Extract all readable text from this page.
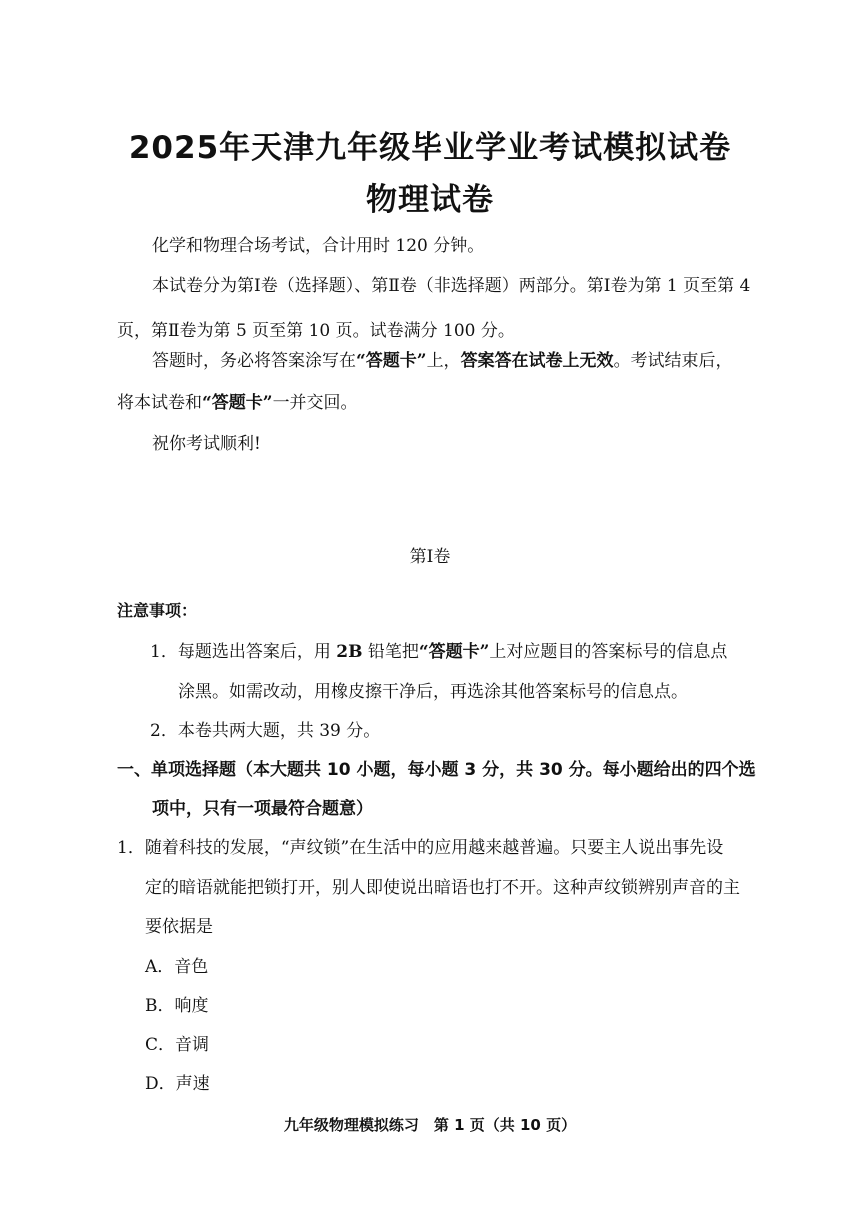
2025年天津九年级毕业学业考试模拟试卷
物理试卷
化学和物理合场考试，合计用时 120 分钟。
本试卷分为第Ⅰ卷（选择题）、第Ⅱ卷（非选择题）两部分。第Ⅰ卷为第 1 页至第 4
页，第Ⅱ卷为第 5 页至第 10 页。试卷满分 100 分。
答题时，务必将答案涂写在“答题卡”上，答案答在试卷上无效。考试结束后，
将本试卷和“答题卡”一并交回。
祝你考试顺利!
第Ⅰ卷
注意事项：
1．每题选出答案后，用 2B 铅笔把“答题卡”上对应题目的答案标号的信息点
涂黑。如需改动，用橡皮擦干净后，再选涂其他答案标号的信息点。
2．本卷共两大题，共 39 分。
一、单项选择题（本大题共 10 小题，每小题 3 分，共 30 分。每小题给出的四个选
项中，只有一项最符合题意）
1．随着科技的发展，“声纹锁”在生活中的应用越来越普遍。只要主人说出事先设
定的暗语就能把锁打开，别人即使说出暗语也打不开。这种声纹锁辨别声音的主
要依据是
A．音色
B．响度
C．音调
D．声速
九年级物理模拟练习　第 1 页（共 10 页）
